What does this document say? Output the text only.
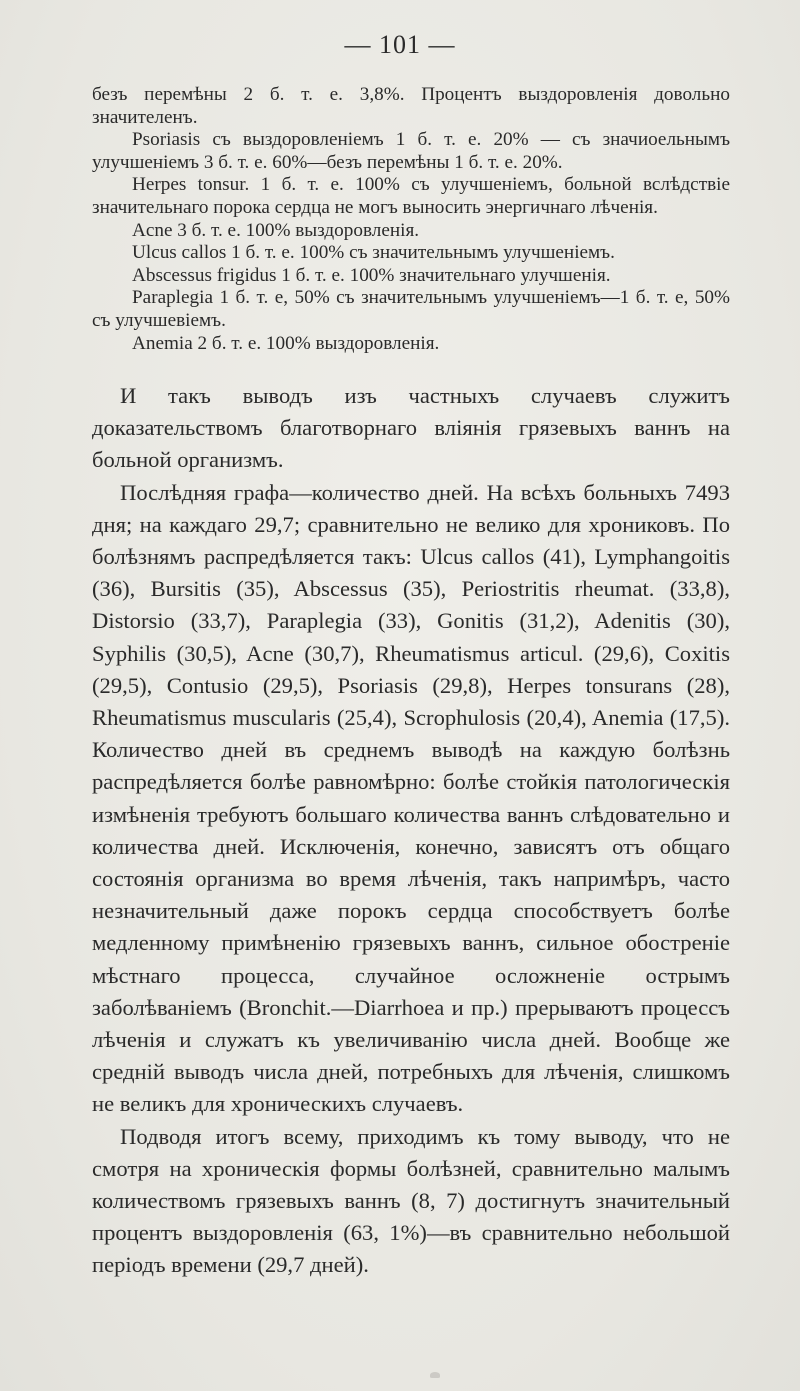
— 101 —

безъ перемѣны 2 б. т. е. 3,8%. Процентъ выздоровленія довольно значителенъ.

Psoriasis съ выздоровленіемъ 1 б. т. е. 20% — съ значиоельнымъ улучшеніемъ 3 б. т. е. 60%—безъ перемѣны 1 б. т. е. 20%.

Herpes tonsur. 1 б. т. е. 100% съ улучшеніемъ, больной вслѣдствіе значительнаго порока сердца не могъ выносить энергичнаго лѣченія.

Acne 3 б. т. е. 100% выздоровленія.

Ulcus callos 1 б. т. е. 100% съ значительнымъ улучшеніемъ.

Abscessus frigidus 1 б. т. е. 100% значительнаго улучшенія.

Paraplegia 1 б. т. е, 50% съ значительнымъ улучшеніемъ—1 б. т. е, 50% съ улучшевіемъ.

Anemia 2 б. т. е. 100% выздоровленія.

И такъ выводъ изъ частныхъ случаевъ служитъ доказательствомъ благотворнаго вліянія грязевыхъ ваннъ на больной организмъ.

Послѣдняя графа—количество дней. На всѣхъ больныхъ 7493 дня; на каждаго 29,7; сравнительно не велико для хрониковъ. По болѣзнямъ распредѣляется такъ: Ulcus callos (41), Lymphangoitis (36), Bursitis (35), Abscessus (35), Periostritis rheumat. (33,8), Distorsio (33,7), Paraplegia (33), Gonitis (31,2), Adenitis (30), Syphilis (30,5), Acne (30,7), Rheumatismus articul. (29,6), Coxitis (29,5), Contusio (29,5), Psoriasis (29,8), Herpes tonsurans (28), Rheumatismus muscularis (25,4), Scrophulosis (20,4), Anemia (17,5). Количество дней въ среднемъ выводѣ на каждую болѣзнь распредѣляется болѣе равномѣрно: болѣе стойкія патологическія измѣненія требуютъ большаго количества ваннъ слѣдовательно и количества дней. Исключенія, конечно, зависятъ отъ общаго состоянія организма во время лѣченія, такъ напримѣръ, часто незначительный даже порокъ сердца способствуетъ болѣе медленному примѣненію грязевыхъ ваннъ, сильное обостреніе мѣстнаго процесса, случайное осложненіе острымъ заболѣваніемъ (Bronchit.—Diarrhoea и пр.) прерываютъ процессъ лѣченія и служатъ къ увеличиванію числа дней. Вообще же средній выводъ числа дней, потребныхъ для лѣченія, слишкомъ не великъ для хроническихъ случаевъ.

Подводя итогъ всему, приходимъ къ тому выводу, что не смотря на хроническія формы болѣзней, сравнительно малымъ количествомъ грязевыхъ ваннъ (8, 7) достигнутъ значительный процентъ выздоровленія (63, 1%)—въ сравнительно небольшой періодъ времени (29,7 дней).
